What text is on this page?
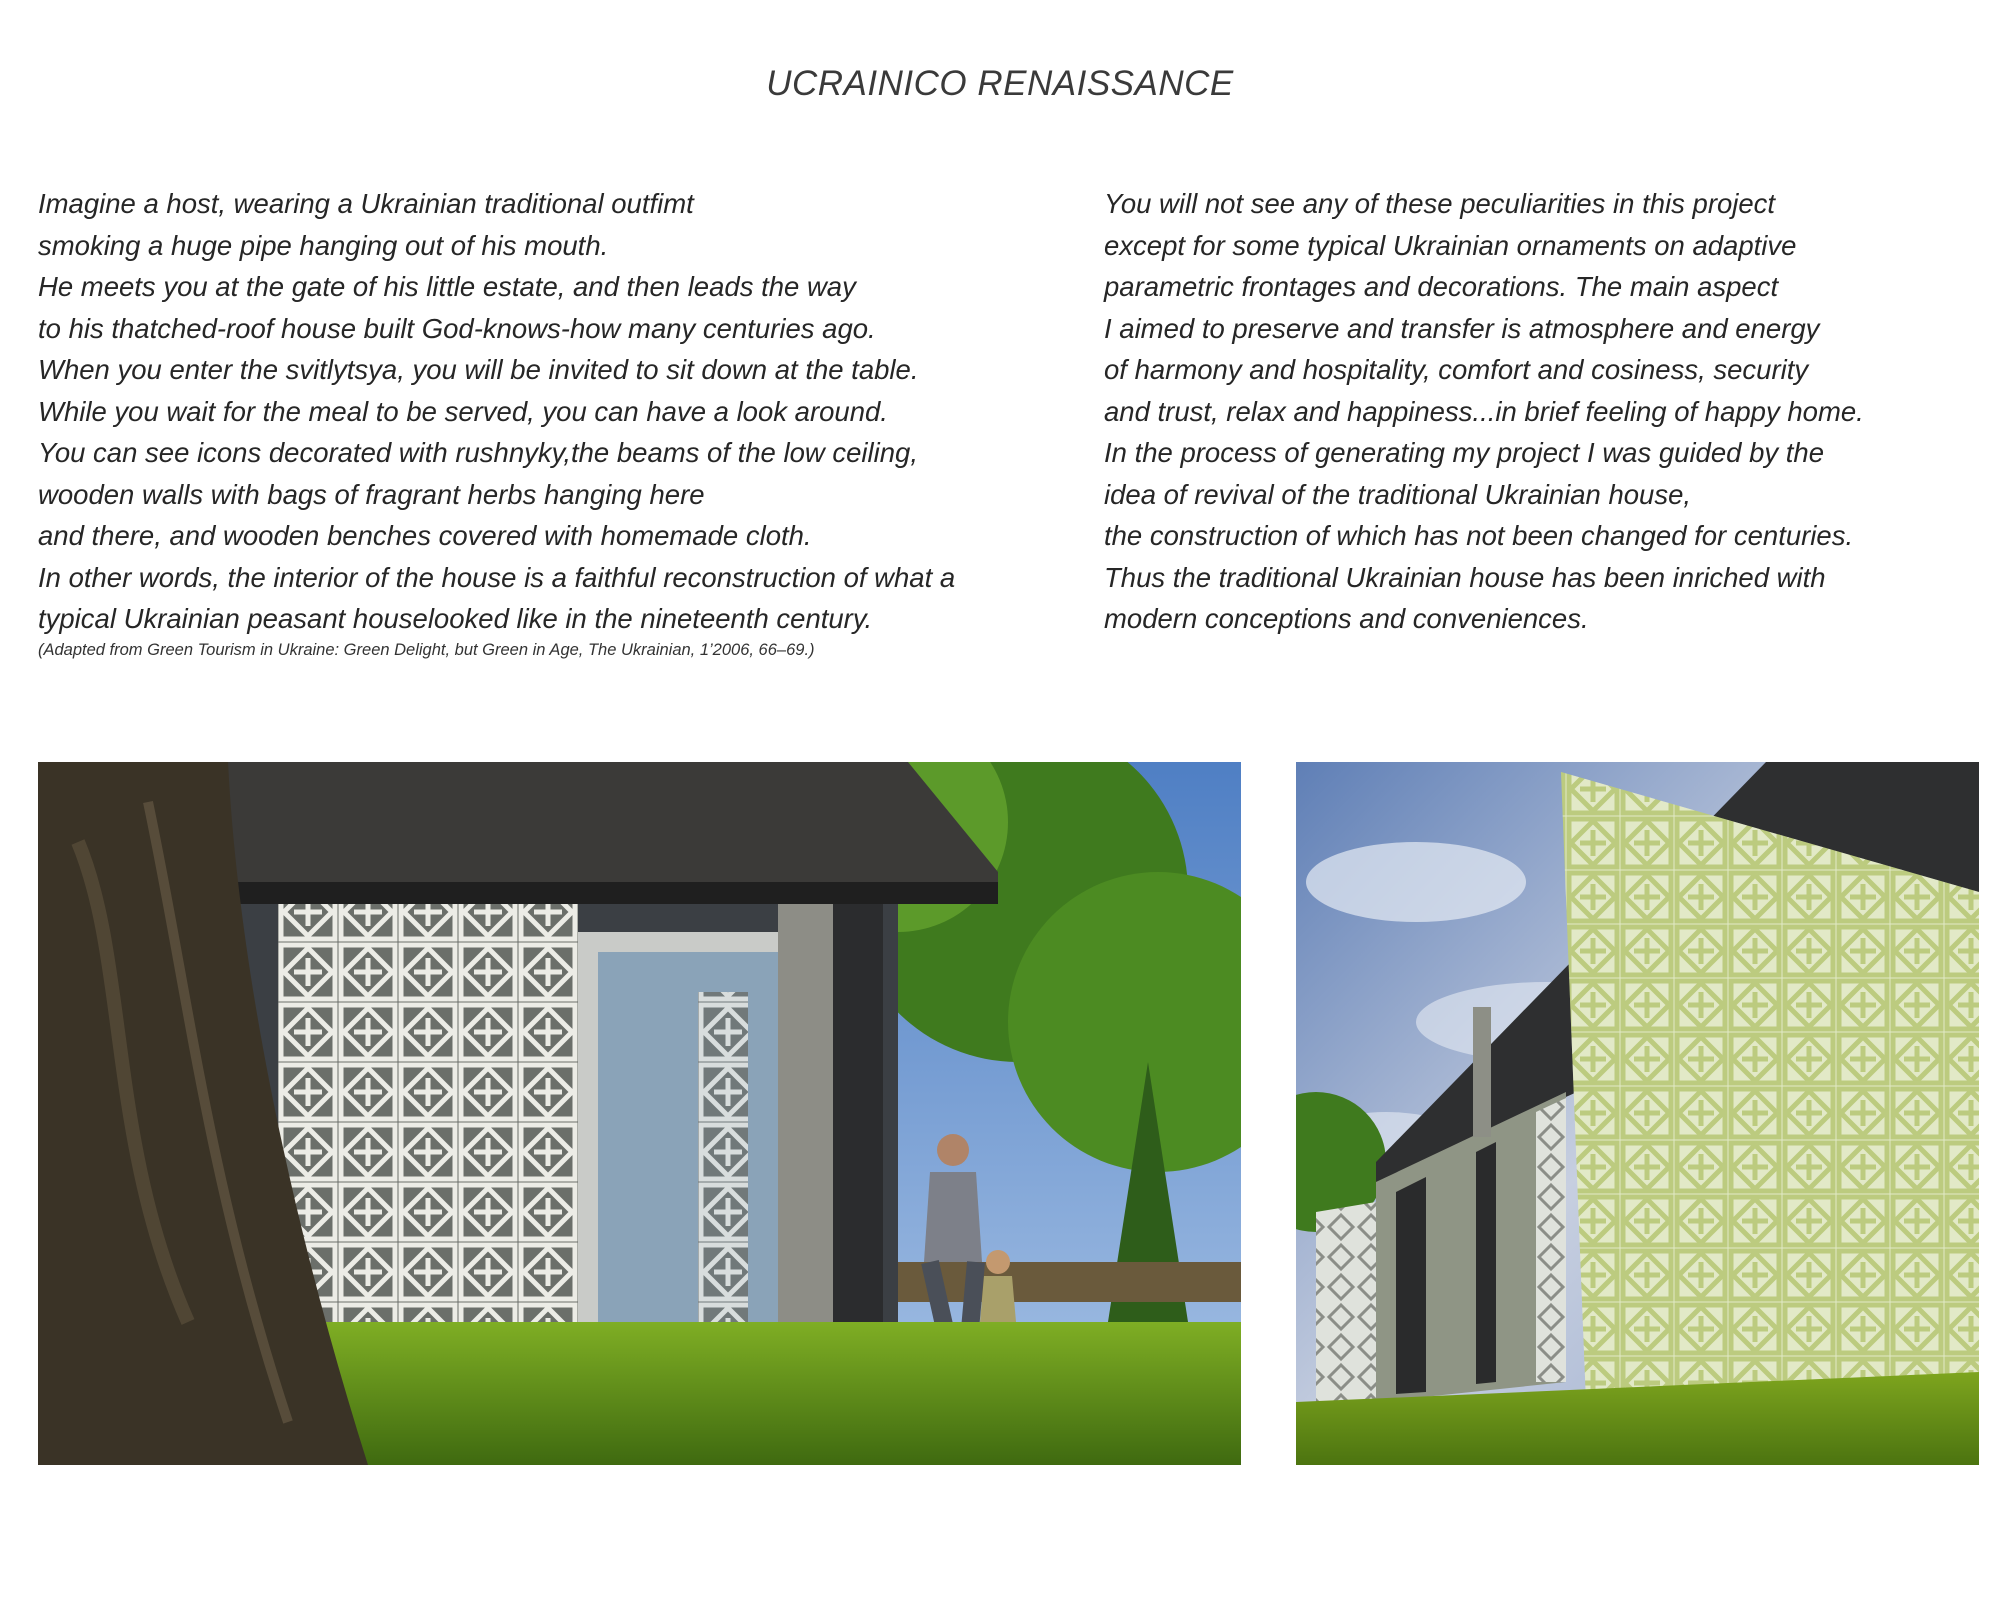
UCRAINICO RENAISSANCE
Imagine a host, wearing a Ukrainian traditional outfimt
smoking a huge pipe hanging out of his mouth.
He meets you at the gate of his little estate, and then leads the way
to his thatched-roof house built God-knows-how many centuries ago.
When you enter the svitlytsya, you will be invited to sit down at the table.
While you wait for the meal to be served, you can have a look around.
You can see icons decorated with rushnyky,the beams of the low ceiling,
wooden walls with bags of fragrant herbs hanging here
and there, and wooden benches covered with homemade cloth.
In other words, the interior of the house is a faithful reconstruction of what a
typical Ukrainian peasant houselooked like in the nineteenth century.
(Adapted from Green Tourism in Ukraine: Green Delight, but Green in Age, The Ukrainian, 1’2006, 66–69.)
You will not see any of these peculiarities in this project
except for some typical Ukrainian ornaments on adaptive
parametric frontages and decorations. The main aspect
I aimed to preserve and transfer is atmosphere and energy
of harmony and hospitality, comfort and cosiness, security
and trust, relax and happiness...in brief feeling of happy home.
In the process of generating my project I was guided by the
idea of revival of the traditional Ukrainian house,
the construction of which has not been changed for centuries.
Thus the traditional Ukrainian house has been inriched with
modern conceptions and conveniences.
